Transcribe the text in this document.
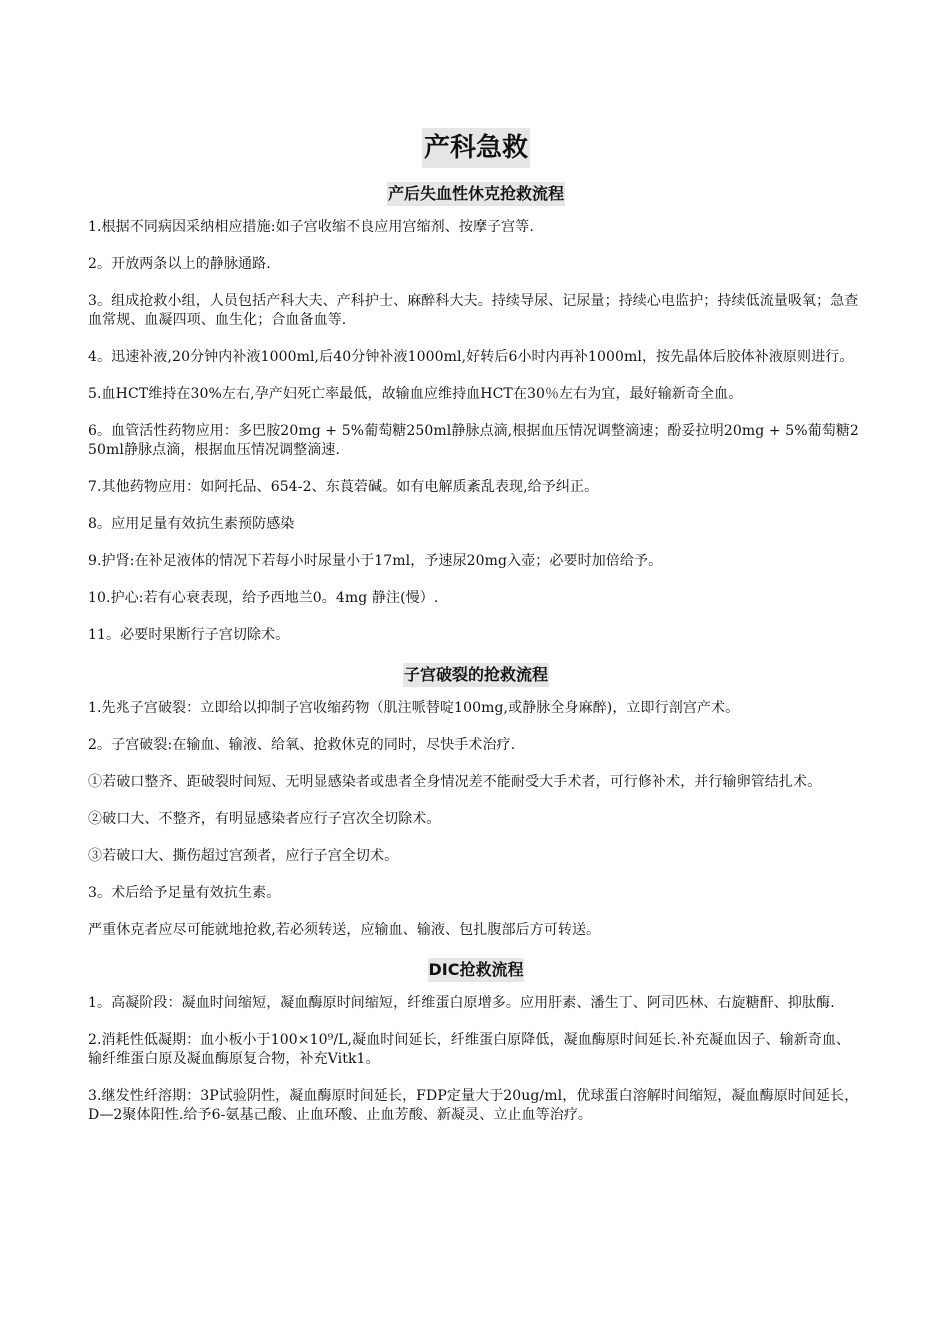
产科急救
产后失血性休克抢救流程

1.根据不同病因采纳相应措施:如子宫收缩不良应用宫缩剂、按摩子宫等.

2。开放两条以上的静脉通路.

3。组成抢救小组，人员包括产科大夫、产科护士、麻醉科大夫。持续导尿、记尿量；持续心电监护；持续低流量吸氧；急查血常规、血凝四项、血生化；合血备血等.

4。迅速补液,20分钟内补液1000ml,后40分钟补液1000ml,好转后6小时内再补1000ml，按先晶体后胶体补液原则进行。

5.血HCT维持在30%左右,孕产妇死亡率最低，故输血应维持血HCT在30％左右为宜，最好输新奇全血。

6。血管活性药物应用：多巴胺20mg + 5%葡萄糖250ml静脉点滴,根据血压情况调整滴速；酚妥拉明20mg + 5%葡萄糖250ml静脉点滴，根据血压情况调整滴速.

7.其他药物应用：如阿托品、654-2、东莨菪碱。如有电解质紊乱表现,给予纠正。

8。应用足量有效抗生素预防感染

9.护肾:在补足液体的情况下若每小时尿量小于17ml，予速尿20mg入壶；必要时加倍给予。

10.护心:若有心衰表现，给予西地兰0。4mg 静注(慢）.

11。必要时果断行子宫切除术。

子宫破裂的抢救流程

1.先兆子宫破裂：立即给以抑制子宫收缩药物（肌注哌替啶100mg,或静脉全身麻醉)，立即行剖宫产术。

2。子宫破裂:在输血、输液、给氧、抢救休克的同时，尽快手术治疗.

①若破口整齐、距破裂时间短、无明显感染者或患者全身情况差不能耐受大手术者，可行修补术，并行输卵管结扎术。

②破口大、不整齐，有明显感染者应行子宫次全切除术。

③若破口大、撕伤超过宫颈者，应行子宫全切术。

3。术后给予足量有效抗生素。

严重休克者应尽可能就地抢救,若必须转送，应输血、输液、包扎腹部后方可转送。

DIC抢救流程

1。高凝阶段：凝血时间缩短，凝血酶原时间缩短，纤维蛋白原增多。应用肝素、潘生丁、阿司匹林、右旋糖酐、抑肽酶.

2.消耗性低凝期：血小板小于100×10⁹/L,凝血时间延长，纤维蛋白原降低，凝血酶原时间延长.补充凝血因子、输新奇血、输纤维蛋白原及凝血酶原复合物，补充Vitk1。

3.继发性纤溶期：3P试验阴性，凝血酶原时间延长，FDP定量大于20ug/ml，优球蛋白溶解时间缩短，凝血酶原时间延长，D—2聚体阳性.给予6-氨基己酸、止血环酸、止血芳酸、新凝灵、立止血等治疗。
